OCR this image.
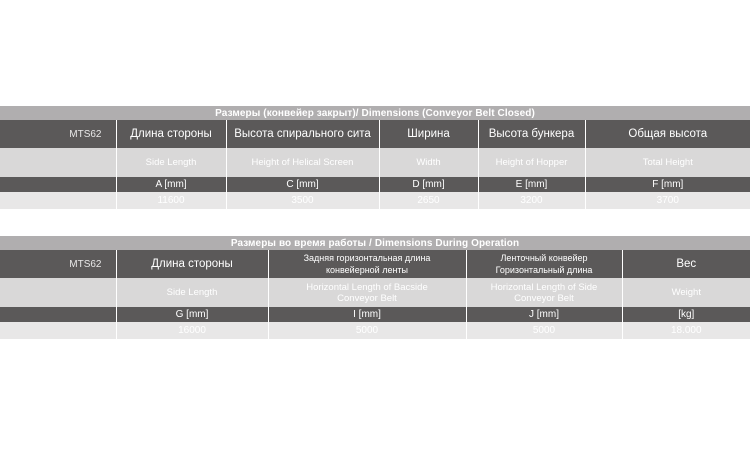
Размеры (конвейер закрыт)/ Dimensions (Conveyor Belt Closed)					
MTS62	Длина стороны	Высота спирального сита	Ширина	Высота бункера	Общая высота
	Side Length	Height of Helical Screen	Width	Height of Hopper	Total Height
	A [mm]	C [mm]	D [mm]	E [mm]	F [mm]
	11600	3500	2650	3200	3700
Размеры во время работы / Dimensions During Operation				
MTS62	Длина стороны	Задняя горизонтальная длина конвейерной ленты	Ленточный конвейер Горизонтальный длина	Вес
	Side Length	Horizontal Length of Bacside Conveyor Belt	Horizontal Length of Side Conveyor Belt	Weight
	G [mm]	I [mm]	J [mm]	[kg]
	16000	5000	5000	18.000
